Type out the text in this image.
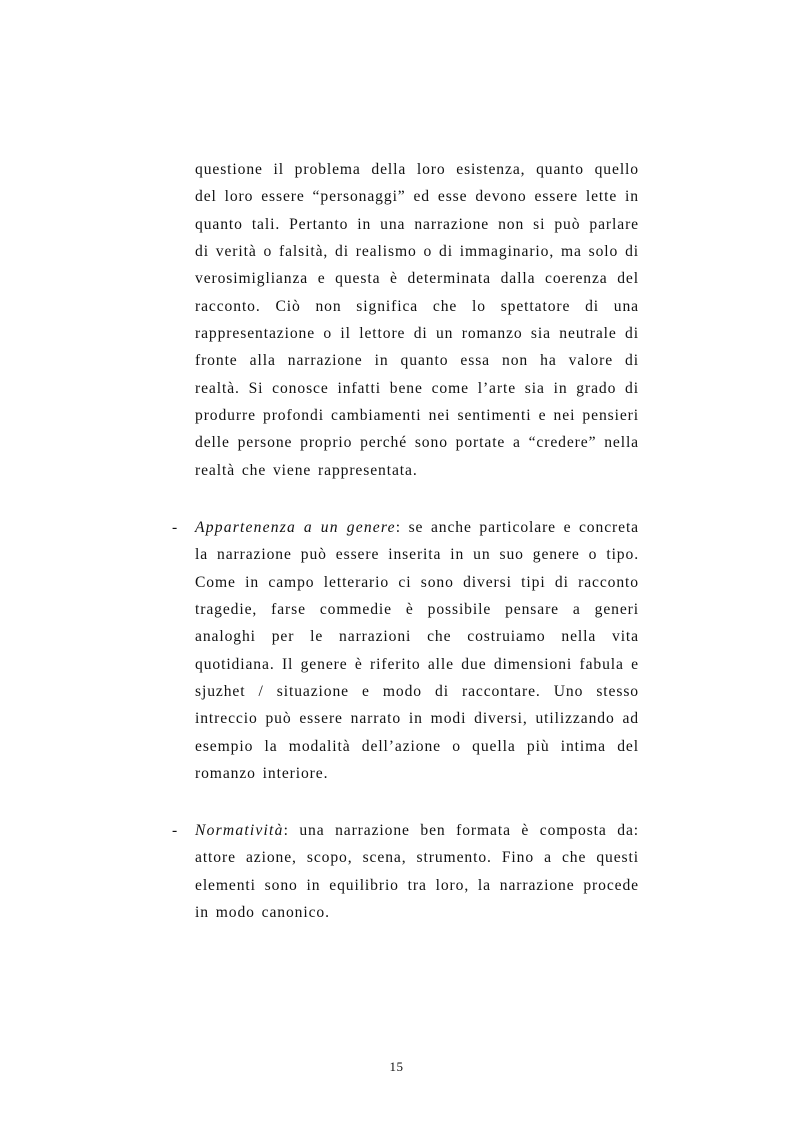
questione il problema della loro esistenza, quanto quello del loro essere “personaggi” ed esse devono essere lette in quanto tali. Pertanto in una narrazione non si può parlare di verità o falsità, di realismo o di immaginario, ma solo di verosimiglianza e questa è determinata dalla coerenza del racconto. Ciò non significa che lo spettatore di una rappresentazione o il lettore di un romanzo sia neutrale di fronte alla narrazione in quanto essa non ha valore di realtà. Si conosce infatti bene come l’arte sia in grado di produrre profondi cambiamenti nei sentimenti e nei pensieri delle persone proprio perché sono portate a “credere” nella realtà che viene rappresentata.

- Appartenenza a un genere: se anche particolare e concreta la narrazione può essere inserita in un suo genere o tipo. Come in campo letterario ci sono diversi tipi di racconto tragedie, farse commedie è possibile pensare a generi analoghi per le narrazioni che costruiamo nella vita quotidiana. Il genere è riferito alle due dimensioni fabula e sjuzhet / situazione e modo di raccontare. Uno stesso intreccio può essere narrato in modi diversi, utilizzando ad esempio la modalità dell’azione o quella più intima del romanzo interiore.

- Normatività: una narrazione ben formata è composta da: attore azione, scopo, scena, strumento. Fino a che questi elementi sono in equilibrio tra loro, la narrazione procede in modo canonico.

15
